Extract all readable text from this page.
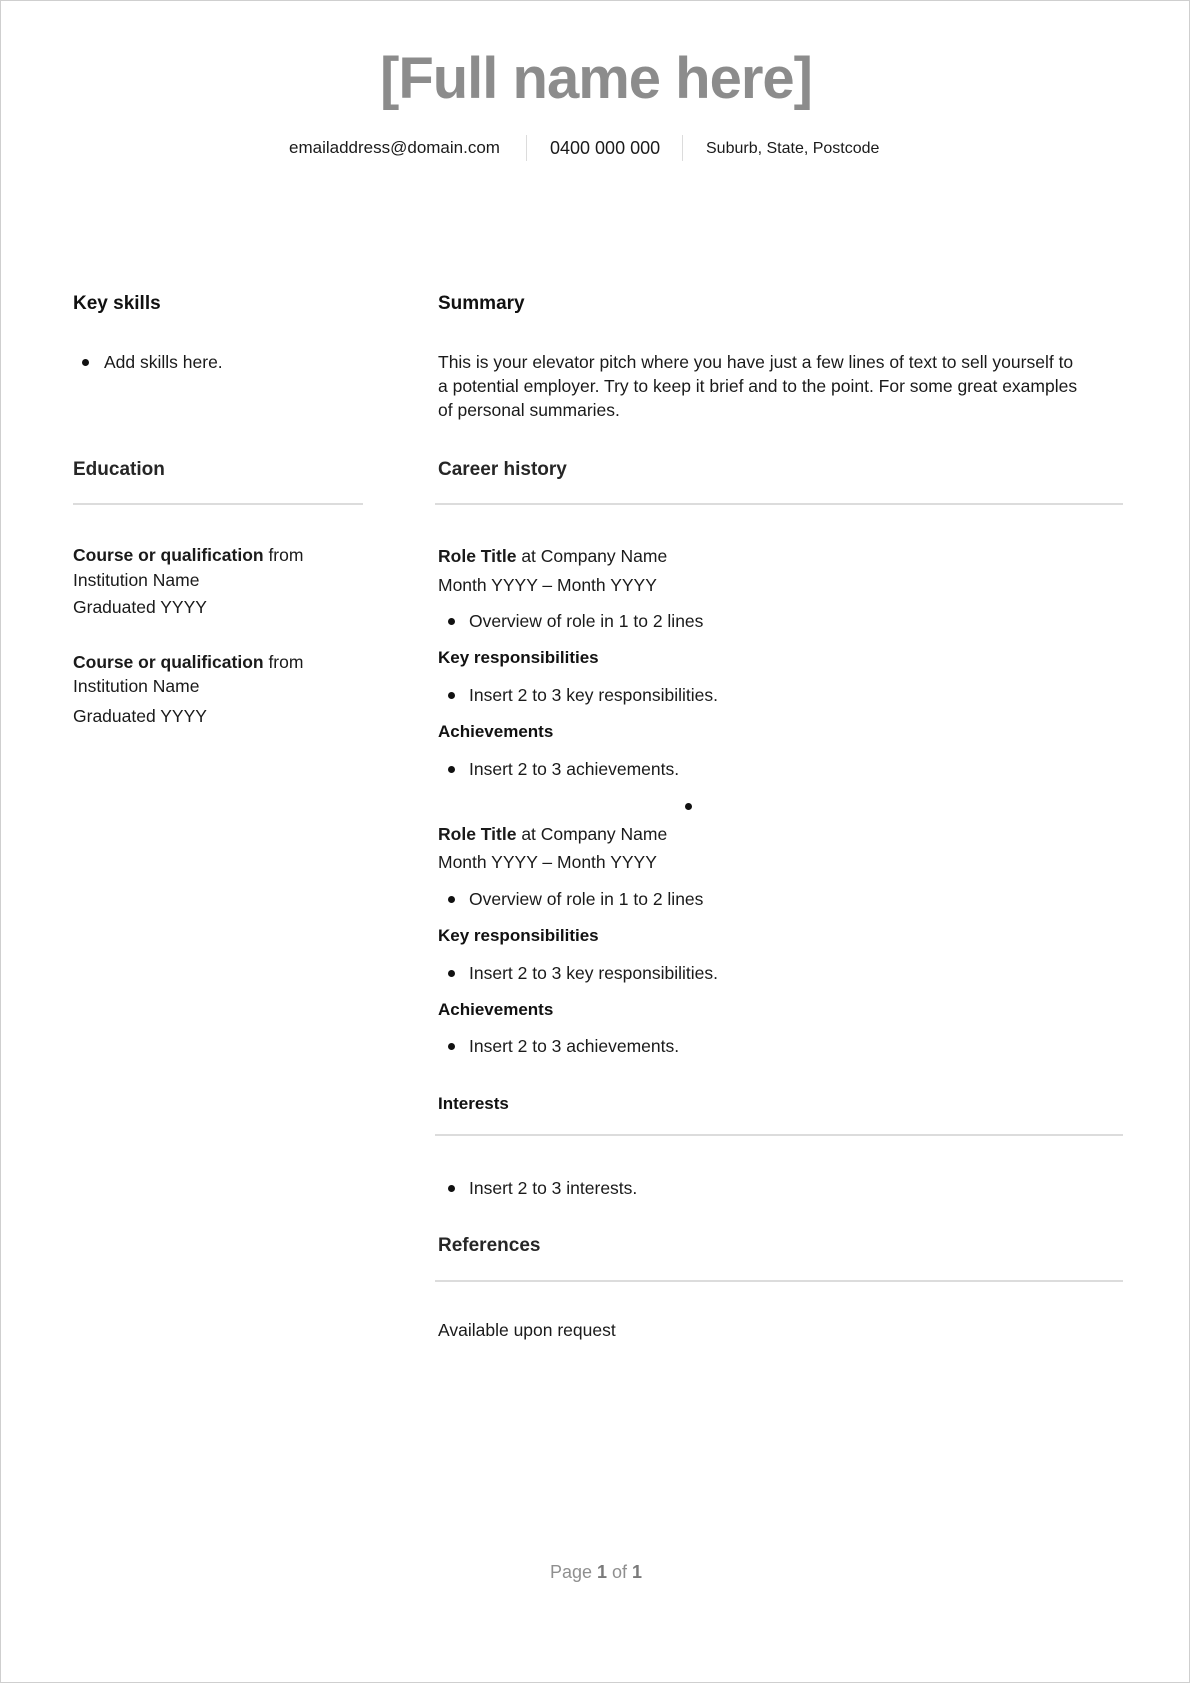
[Full name here]
emailaddress@domain.com	0400 000 000	Suburb, State, Postcode
Key skills
Add skills here.
Education
Course or qualification from
Institution Name
Graduated YYYY
Course or qualification from
Institution Name
Graduated YYYY
Summary
This is your elevator pitch where you have just a few lines of text to sell yourself to
a potential employer. Try to keep it brief and to the point. For some great examples
of personal summaries.
Career history
Role Title at Company Name
Month YYYY – Month YYYY
Overview of role in 1 to 2 lines
Key responsibilities
Insert 2 to 3 key responsibilities.
Achievements
Insert 2 to 3 achievements.
Role Title at Company Name
Month YYYY – Month YYYY
Overview of role in 1 to 2 lines
Key responsibilities
Insert 2 to 3 key responsibilities.
Achievements
Insert 2 to 3 achievements.
Interests
Insert 2 to 3 interests.
References
Available upon request
Page 1 of 1
